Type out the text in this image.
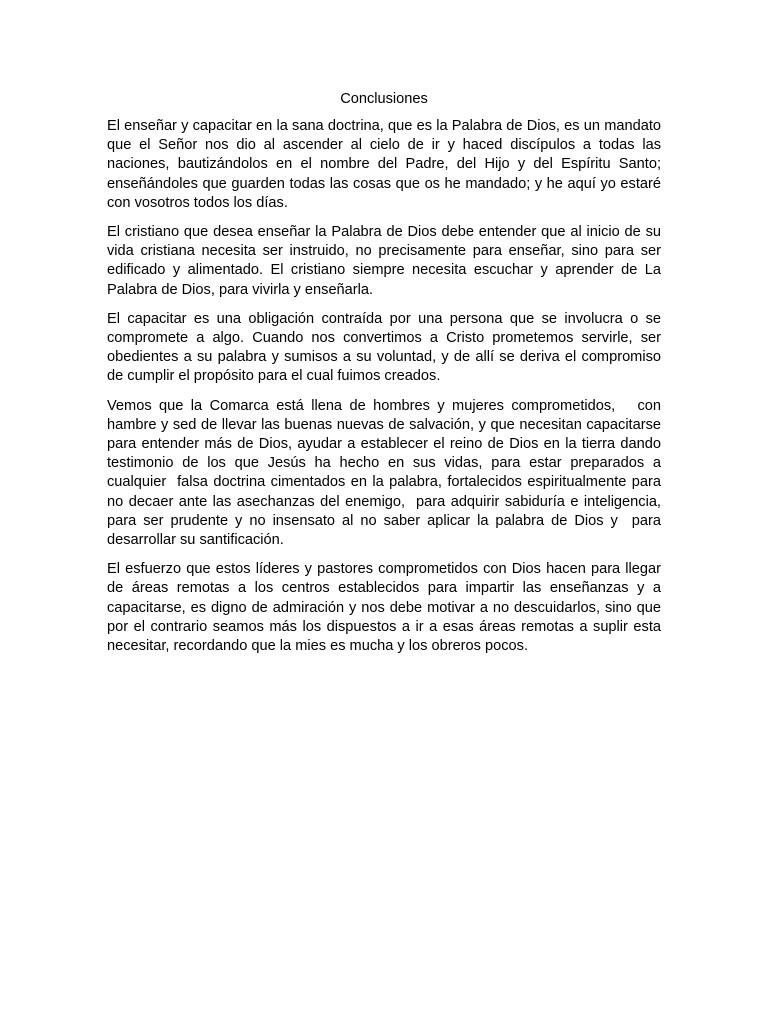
Conclusiones

El enseñar y capacitar en la sana doctrina, que es la Palabra de Dios, es un mandato que el Señor nos dio al ascender al cielo de ir y haced discípulos a todas las naciones, bautizándolos en el nombre del Padre, del Hijo y del Espíritu Santo; enseñándoles que guarden todas las cosas que os he mandado; y he aquí yo estaré con vosotros todos los días.

El cristiano que desea enseñar la Palabra de Dios debe entender que al inicio de su vida cristiana necesita ser instruido, no precisamente para enseñar, sino para ser edificado y alimentado. El cristiano siempre necesita escuchar y aprender de La Palabra de Dios, para vivirla y enseñarla.

El capacitar es una obligación contraída por una persona que se involucra o se compromete a algo. Cuando nos convertimos a Cristo prometemos servirle, ser obedientes a su palabra y sumisos a su voluntad, y de allí se deriva el compromiso de cumplir el propósito para el cual fuimos creados.

Vemos que la Comarca está llena de hombres y mujeres comprometidos,   con hambre y sed de llevar las buenas nuevas de salvación, y que necesitan capacitarse para entender más de Dios, ayudar a establecer el reino de Dios en la tierra dando testimonio de los que Jesús ha hecho en sus vidas, para estar preparados a cualquier  falsa doctrina cimentados en la palabra, fortalecidos espiritualmente para no decaer ante las asechanzas del enemigo,  para adquirir sabiduría e inteligencia, para ser prudente y no insensato al no saber aplicar la palabra de Dios y  para desarrollar su santificación.

El esfuerzo que estos líderes y pastores comprometidos con Dios hacen para llegar de áreas remotas a los centros establecidos para impartir las enseñanzas y a capacitarse, es digno de admiración y nos debe motivar a no descuidarlos, sino que por el contrario seamos más los dispuestos a ir a esas áreas remotas a suplir esta necesitar, recordando que la mies es mucha y los obreros pocos.
